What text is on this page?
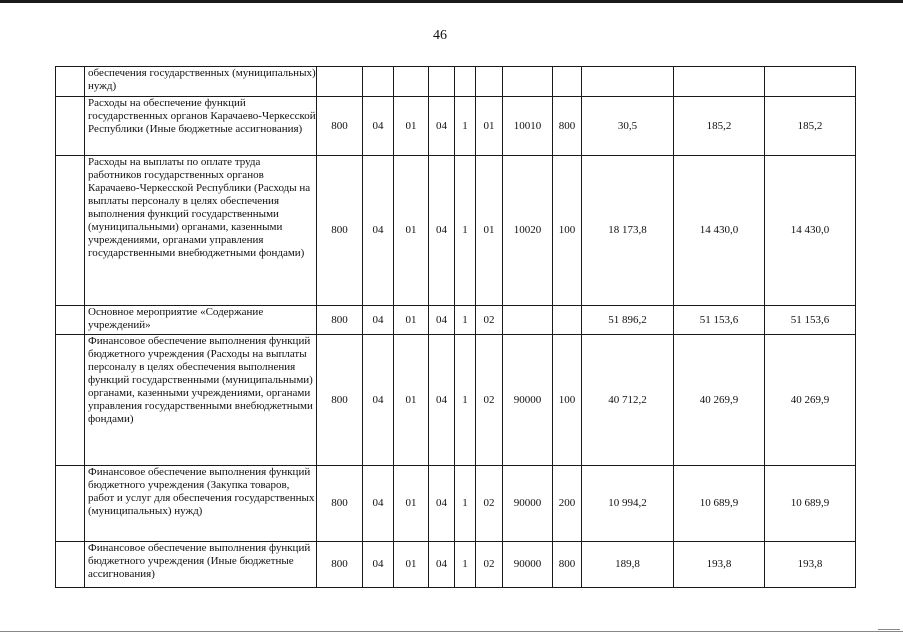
46
	обеспечения государственных (муниципальных) нужд)											
	Расходы на обеспечение функций государственных органов Карачаево-Черкесской Республики (Иные бюджетные ассигнования)	800	04	01	04	1	01	10010	800	30,5	185,2	185,2
	Расходы на выплаты по оплате труда работников государственных органов Карачаево-Черкесской Республики (Расходы на выплаты персоналу в целях обеспечения выполнения функций государственными (муниципальными) органами, казенными учреждениями, органами управления государственными внебюджетными фондами)	800	04	01	04	1	01	10020	100	18 173,8	14 430,0	14 430,0
	Основное мероприятие «Содержание учреждений»	800	04	01	04	1	02			51 896,2	51 153,6	51 153,6
	Финансовое обеспечение выполнения функций бюджетного учреждения (Расходы на выплаты персоналу в целях обеспечения выполнения функций государственными (муниципальными) органами, казенными учреждениями, органами управления государственными внебюджетными фондами)	800	04	01	04	1	02	90000	100	40 712,2	40 269,9	40 269,9
	Финансовое обеспечение выполнения функций бюджетного учреждения (Закупка товаров, работ и услуг для обеспечения государственных (муниципальных) нужд)	800	04	01	04	1	02	90000	200	10 994,2	10 689,9	10 689,9
	Финансовое обеспечение выполнения функций бюджетного учреждения (Иные бюджетные ассигнования)	800	04	01	04	1	02	90000	800	189,8	193,8	193,8
